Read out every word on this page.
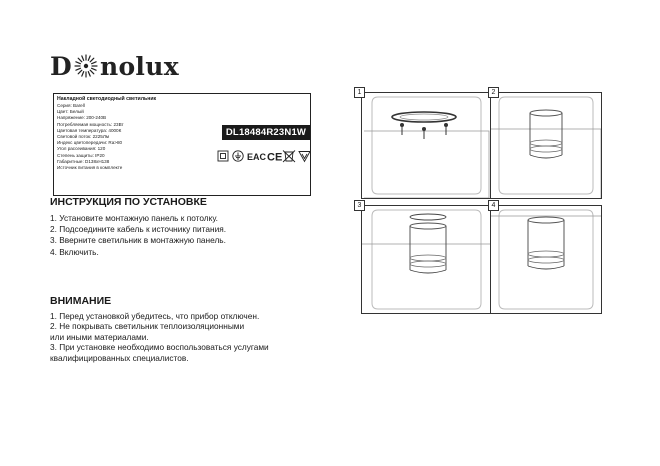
D nolux
Накладной светодиодный светильник
Серия: Barell
Цвет: Белый
Напряжение: 200-240В
Потребляемая мощность: 23Вт
Цветовая температура: 4000К
Световой поток: 2225Лм
Индекс цветопередачи: Ra>80
Угол рассеивания: 120
Степень защиты: IP20
Габаритные: D138хН138
Источник питания в комплекте
DL18484R23N1W
EAC CE
ИНСТРУКЦИЯ ПО УСТАНОВКЕ
1. Установите монтажную панель к потолку.
2. Подсоедините кабель к источнику питания.
3. Вверните светильник в монтажную панель.
4. Включить.
ВНИМАНИЕ
1. Перед установкой убедитесь, что прибор отключен.
2. Не покрывать светильник теплоизоляционными
или иными материалами.
3. При установке необходимо воспользоваться услугами
квалифицированных специалистов.
1	2
3	4
